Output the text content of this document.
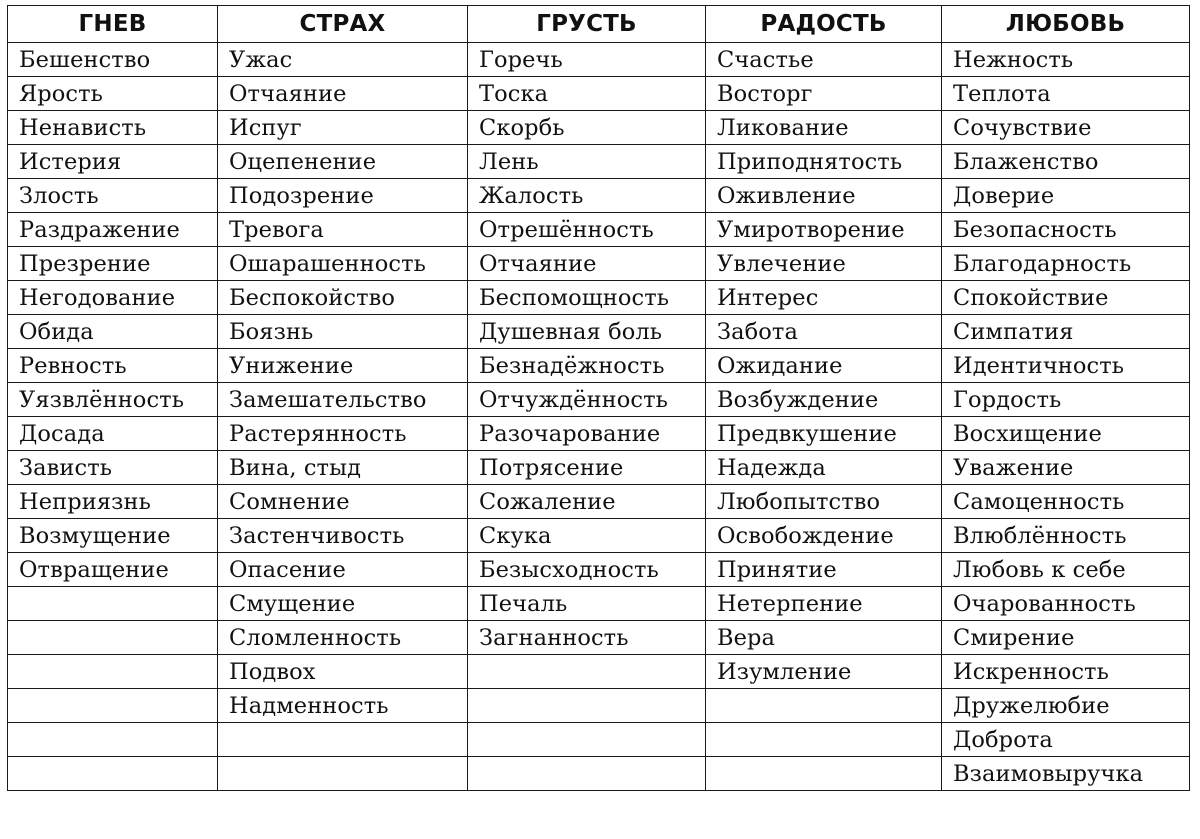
ГНЕВ	СТРАХ	ГРУСТЬ	РАДОСТЬ	ЛЮБОВЬ
Бешенство	Ужас	Горечь	Счастье	Нежность
Ярость	Отчаяние	Тоска	Восторг	Теплота
Ненависть	Испуг	Скорбь	Ликование	Сочувствие
Истерия	Оцепенение	Лень	Приподнятость	Блаженство
Злость	Подозрение	Жалость	Оживление	Доверие
Раздражение	Тревога	Отрешённость	Умиротворение	Безопасность
Презрение	Ошарашенность	Отчаяние	Увлечение	Благодарность
Негодование	Беспокойство	Беспомощность	Интерес	Спокойствие
Обида	Боязнь	Душевная боль	Забота	Симпатия
Ревность	Унижение	Безнадёжность	Ожидание	Идентичность
Уязвлённость	Замешательство	Отчуждённость	Возбуждение	Гордость
Досада	Растерянность	Разочарование	Предвкушение	Восхищение
Зависть	Вина, стыд	Потрясение	Надежда	Уважение
Неприязнь	Сомнение	Сожаление	Любопытство	Самоценность
Возмущение	Застенчивость	Скука	Освобождение	Влюблённость
Отвращение	Опасение	Безысходность	Принятие	Любовь к себе
	Смущение	Печаль	Нетерпение	Очарованность
	Сломленность	Загнанность	Вера	Смирение
	Подвох		Изумление	Искренность
	Надменность			Дружелюбие
				Доброта
				Взаимовыручка
